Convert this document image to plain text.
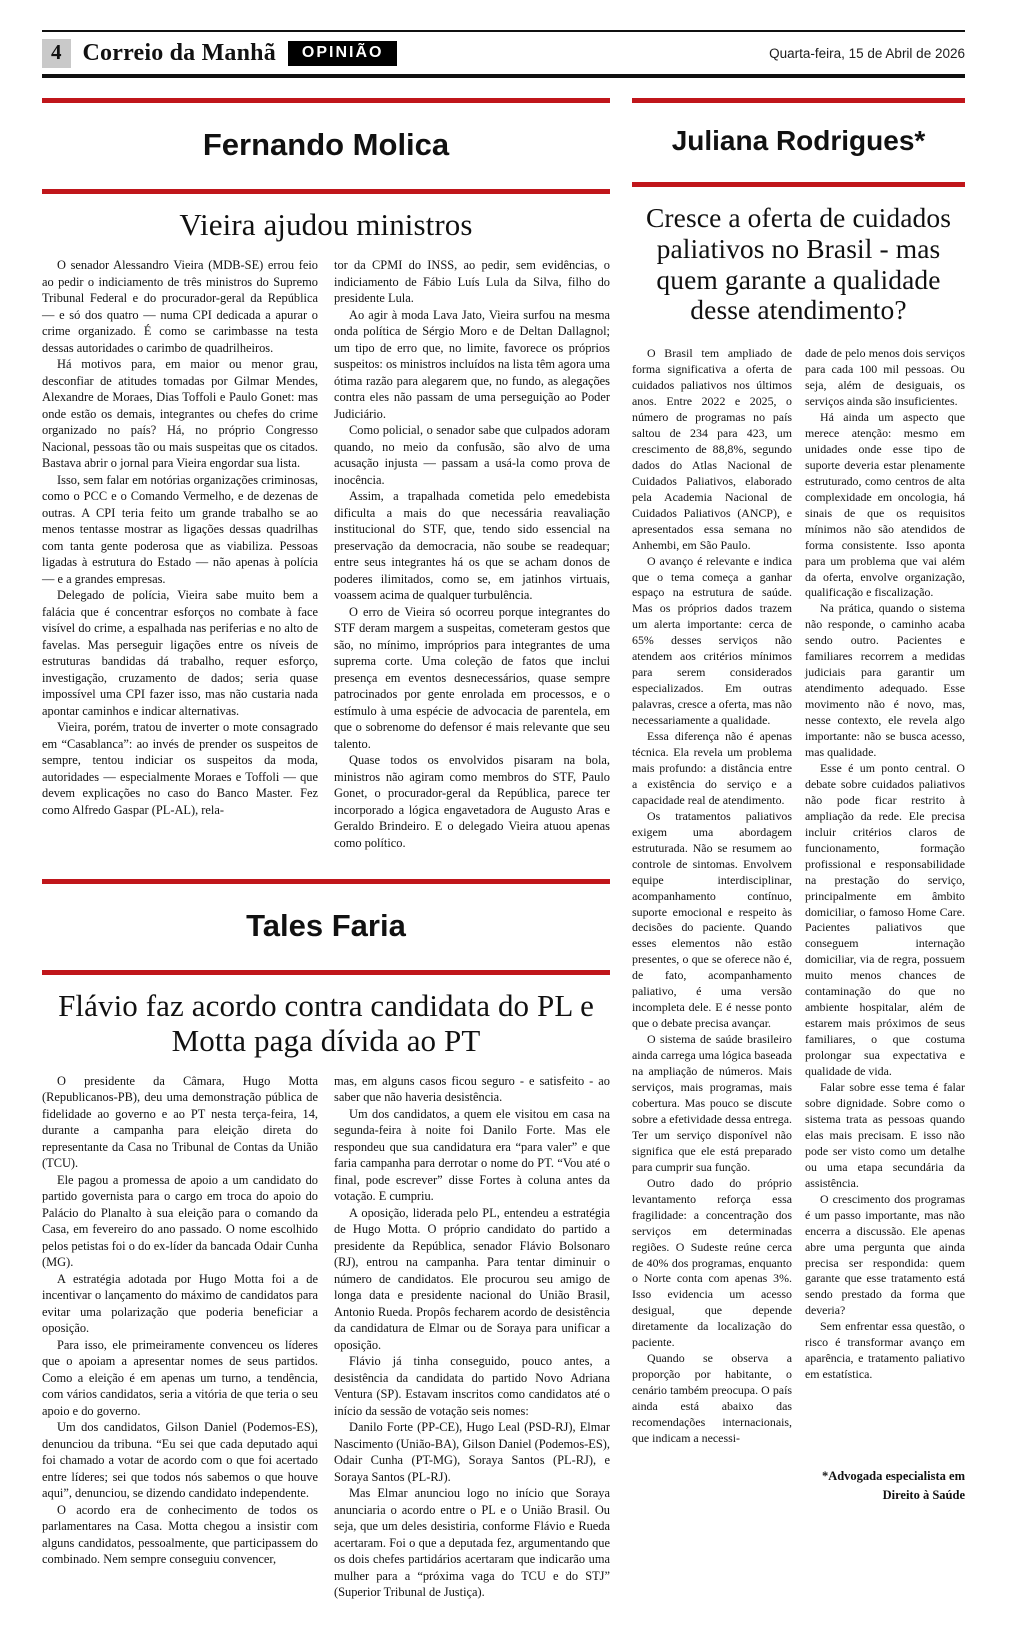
4 Correio da Manhã	OPINIÃO	Quarta-feira, 15 de Abril de 2026
Fernando Molica
Vieira ajudou ministros

O senador Alessandro Vieira (MDB-SE) errou feio ao pedir o indiciamento de três ministros do Supremo Tribunal Federal e do procurador-geral da República — e só dos quatro — numa CPI dedicada a apurar o crime organizado. É como se carimbasse na testa dessas autoridades o carimbo de quadrilheiros.

Há motivos para, em maior ou menor grau, desconfiar de atitudes tomadas por Gilmar Mendes, Alexandre de Moraes, Dias Toffoli e Paulo Gonet: mas onde estão os demais, integrantes ou chefes do crime organizado no país? Há, no próprio Congresso Nacional, pessoas tão ou mais suspeitas que os citados. Bastava abrir o jornal para Vieira engordar sua lista.

Isso, sem falar em notórias organizações criminosas, como o PCC e o Comando Vermelho, e de dezenas de outras. A CPI teria feito um grande trabalho se ao menos tentasse mostrar as ligações dessas quadrilhas com tanta gente poderosa que as viabiliza. Pessoas ligadas à estrutura do Estado — não apenas à polícia — e a grandes empresas.

Delegado de polícia, Vieira sabe muito bem a falácia que é concentrar esforços no combate à face visível do crime, a espalhada nas periferias e no alto de favelas. Mas perseguir ligações entre os níveis de estruturas bandidas dá trabalho, requer esforço, investigação, cruzamento de dados; seria quase impossível uma CPI fazer isso, mas não custaria nada apontar caminhos e indicar alternativas.

Vieira, porém, tratou de inverter o mote consagrado em “Casablanca”: ao invés de prender os suspeitos de sempre, tentou indiciar os suspeitos da moda, autoridades — especialmente Moraes e Toffoli — que devem explicações no caso do Banco Master. Fez como Alfredo Gaspar (PL-AL), rela-

tor da CPMI do INSS, ao pedir, sem evidências, o indiciamento de Fábio Luís Lula da Silva, filho do presidente Lula.

Ao agir à moda Lava Jato, Vieira surfou na mesma onda política de Sérgio Moro e de Deltan Dallagnol; um tipo de erro que, no limite, favorece os próprios suspeitos: os ministros incluídos na lista têm agora uma ótima razão para alegarem que, no fundo, as alegações contra eles não passam de uma perseguição ao Poder Judiciário.

Como policial, o senador sabe que culpados adoram quando, no meio da confusão, são alvo de uma acusação injusta — passam a usá-la como prova de inocência.

Assim, a trapalhada cometida pelo emedebista dificulta a mais do que necessária reavaliação institucional do STF, que, tendo sido essencial na preservação da democracia, não soube se readequar; entre seus integrantes há os que se acham donos de poderes ilimitados, como se, em jatinhos virtuais, voassem acima de qualquer turbulência.

O erro de Vieira só ocorreu porque integrantes do STF deram margem a suspeitas, cometeram gestos que são, no mínimo, impróprios para integrantes de uma suprema corte. Uma coleção de fatos que inclui presença em eventos desnecessários, quase sempre patrocinados por gente enrolada em processos, e o estímulo à uma espécie de advocacia de parentela, em que o sobrenome do defensor é mais relevante que seu talento.

Quase todos os envolvidos pisaram na bola, ministros não agiram como membros do STF, Paulo Gonet, o procurador-geral da República, parece ter incorporado a lógica engavetadora de Augusto Aras e Geraldo Brindeiro. E o delegado Vieira atuou apenas como político.

Tales Faria
Flávio faz acordo contra candidata do PL e Motta paga dívida ao PT

O presidente da Câmara, Hugo Motta (Republicanos-PB), deu uma demonstração pública de fidelidade ao governo e ao PT nesta terça-feira, 14, durante a campanha para eleição direta do representante da Casa no Tribunal de Contas da União (TCU).

Ele pagou a promessa de apoio a um candidato do partido governista para o cargo em troca do apoio do Palácio do Planalto à sua eleição para o comando da Casa, em fevereiro do ano passado. O nome escolhido pelos petistas foi o do ex-líder da bancada Odair Cunha (MG).

A estratégia adotada por Hugo Motta foi a de incentivar o lançamento do máximo de candidatos para evitar uma polarização que poderia beneficiar a oposição.

Para isso, ele primeiramente convenceu os líderes que o apoiam a apresentar nomes de seus partidos. Como a eleição é em apenas um turno, a tendência, com vários candidatos, seria a vitória de que teria o seu apoio e do governo.

Um dos candidatos, Gilson Daniel (Podemos-ES), denunciou da tribuna. “Eu sei que cada deputado aqui foi chamado a votar de acordo com o que foi acertado entre líderes; sei que todos nós sabemos o que houve aqui”, denunciou, se dizendo candidato independente.

O acordo era de conhecimento de todos os parlamentares na Casa. Motta chegou a insistir com alguns candidatos, pessoalmente, que participassem do combinado. Nem sempre conseguiu convencer,

mas, em alguns casos ficou seguro - e satisfeito - ao saber que não haveria desistência.

Um dos candidatos, a quem ele visitou em casa na segunda-feira à noite foi Danilo Forte. Mas ele respondeu que sua candidatura era “para valer” e que faria campanha para derrotar o nome do PT. “Vou até o final, pode escrever” disse Fortes à coluna antes da votação. E cumpriu.

A oposição, liderada pelo PL, entendeu a estratégia de Hugo Motta. O próprio candidato do partido a presidente da República, senador Flávio Bolsonaro (RJ), entrou na campanha. Para tentar diminuir o número de candidatos. Ele procurou seu amigo de longa data e presidente nacional do União Brasil, Antonio Rueda. Propôs fecharem acordo de desistência da candidatura de Elmar ou de Soraya para unificar a oposição.

Flávio já tinha conseguido, pouco antes, a desistência da candidata do partido Novo Adriana Ventura (SP). Estavam inscritos como candidatos até o início da sessão de votação seis nomes:

Danilo Forte (PP-CE), Hugo Leal (PSD-RJ), Elmar Nascimento (União-BA), Gilson Daniel (Podemos-ES), Odair Cunha (PT-MG), Soraya Santos (PL-RJ), e Soraya Santos (PL-RJ).

Mas Elmar anunciou logo no início que Soraya anunciaria o acordo entre o PL e o União Brasil. Ou seja, que um deles desistiria, conforme Flávio e Rueda acertaram. Foi o que a deputada fez, argumentando que os dois chefes partidários acertaram que indicarão uma mulher para a “próxima vaga do TCU e do STJ” (Superior Tribunal de Justiça).

Juliana Rodrigues*
Cresce a oferta de cuidados paliativos no Brasil - mas quem garante a qualidade desse atendimento?

O Brasil tem ampliado de forma significativa a oferta de cuidados paliativos nos últimos anos. Entre 2022 e 2025, o número de programas no país saltou de 234 para 423, um crescimento de 88,8%, segundo dados do Atlas Nacional de Cuidados Paliativos, elaborado pela Academia Nacional de Cuidados Paliativos (ANCP), e apresentados essa semana no Anhembi, em São Paulo.

O avanço é relevante e indica que o tema começa a ganhar espaço na estrutura de saúde. Mas os próprios dados trazem um alerta importante: cerca de 65% desses serviços não atendem aos critérios mínimos para serem considerados especializados. Em outras palavras, cresce a oferta, mas não necessariamente a qualidade.

Essa diferença não é apenas técnica. Ela revela um problema mais profundo: a distância entre a existência do serviço e a capacidade real de atendimento.

Os tratamentos paliativos exigem uma abordagem estruturada. Não se resumem ao controle de sintomas. Envolvem equipe interdisciplinar, acompanhamento contínuo, suporte emocional e respeito às decisões do paciente. Quando esses elementos não estão presentes, o que se oferece não é, de fato, acompanhamento paliativo, é uma versão incompleta dele. E é nesse ponto que o debate precisa avançar.

O sistema de saúde brasileiro ainda carrega uma lógica baseada na ampliação de números. Mais serviços, mais programas, mais cobertura. Mas pouco se discute sobre a efetividade dessa entrega. Ter um serviço disponível não significa que ele está preparado para cumprir sua função.

Outro dado do próprio levantamento reforça essa fragilidade: a concentração dos serviços em determinadas regiões. O Sudeste reúne cerca de 40% dos programas, enquanto o Norte conta com apenas 3%. Isso evidencia um acesso desigual, que depende diretamente da localização do paciente.

Quando se observa a proporção por habitante, o cenário também preocupa. O país ainda está abaixo das recomendações internacionais, que indicam a necessi-

dade de pelo menos dois serviços para cada 100 mil pessoas. Ou seja, além de desiguais, os serviços ainda são insuficientes.

Há ainda um aspecto que merece atenção: mesmo em unidades onde esse tipo de suporte deveria estar plenamente estruturado, como centros de alta complexidade em oncologia, há sinais de que os requisitos mínimos não são atendidos de forma consistente. Isso aponta para um problema que vai além da oferta, envolve organização, qualificação e fiscalização.

Na prática, quando o sistema não responde, o caminho acaba sendo outro. Pacientes e familiares recorrem a medidas judiciais para garantir um atendimento adequado. Esse movimento não é novo, mas, nesse contexto, ele revela algo importante: não se busca acesso, mas qualidade.

Esse é um ponto central. O debate sobre cuidados paliativos não pode ficar restrito à ampliação da rede. Ele precisa incluir critérios claros de funcionamento, formação profissional e responsabilidade na prestação do serviço, principalmente em âmbito domiciliar, o famoso Home Care. Pacientes paliativos que conseguem internação domiciliar, via de regra, possuem muito menos chances de contaminação do que no ambiente hospitalar, além de estarem mais próximos de seus familiares, o que costuma prolongar sua expectativa e qualidade de vida.

Falar sobre esse tema é falar sobre dignidade. Sobre como o sistema trata as pessoas quando elas mais precisam. E isso não pode ser visto como um detalhe ou uma etapa secundária da assistência.

O crescimento dos programas é um passo importante, mas não encerra a discussão. Ele apenas abre uma pergunta que ainda precisa ser respondida: quem garante que esse tratamento está sendo prestado da forma que deveria?

Sem enfrentar essa questão, o risco é transformar avanço em aparência, e tratamento paliativo em estatística.

*Advogada especialista em
Direito à Saúde
